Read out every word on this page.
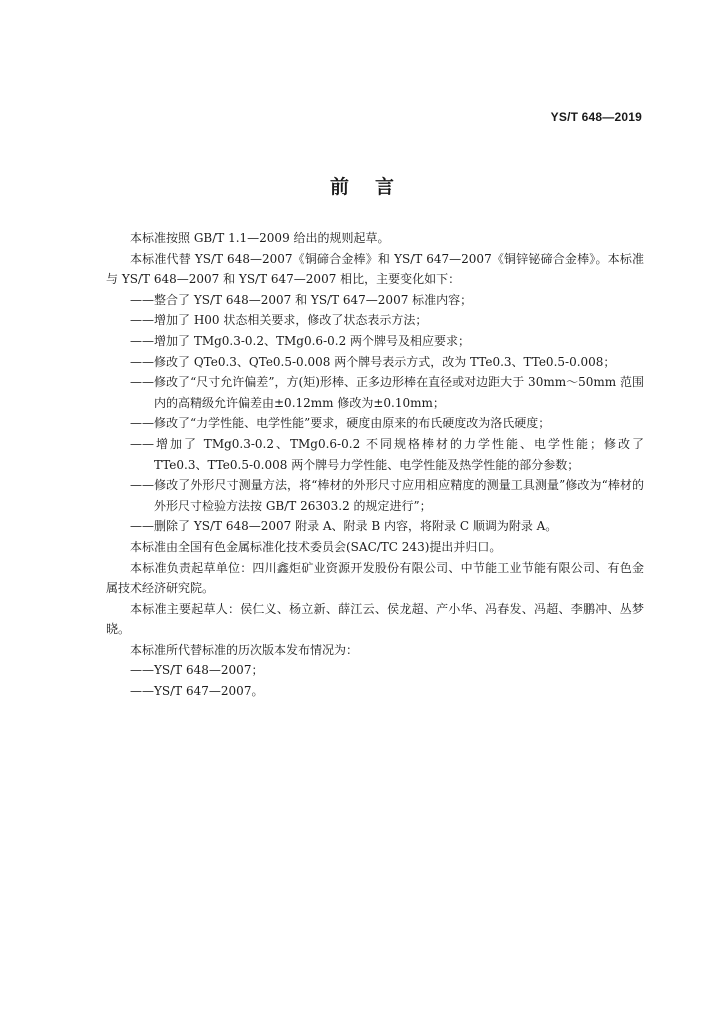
YS/T 648—2019
前言

本标准按照 GB/T 1.1—2009 给出的规则起草。

本标准代替 YS/T 648—2007《铜碲合金棒》和 YS/T 647—2007《铜锌铋碲合金棒》。本标准与 YS/T 648—2007 和 YS/T 647—2007 相比，主要变化如下：

——整合了 YS/T 648—2007 和 YS/T 647—2007 标准内容；

——增加了 H00 状态相关要求，修改了状态表示方法；

——增加了 TMg0.3-0.2、TMg0.6-0.2 两个牌号及相应要求；

——修改了 QTe0.3、QTe0.5-0.008 两个牌号表示方式，改为 TTe0.3、TTe0.5-0.008；

——修改了“尺寸允许偏差”，方(矩)形棒、正多边形棒在直径或对边距大于 30mm～50mm 范围内的高精级允许偏差由±0.12mm 修改为±0.10mm；

——修改了“力学性能、电学性能”要求，硬度由原来的布氏硬度改为洛氏硬度；

——增加了 TMg0.3-0.2、TMg0.6-0.2 不同规格棒材的力学性能、电学性能；修改了 TTe0.3、TTe0.5-0.008 两个牌号力学性能、电学性能及热学性能的部分参数；

——修改了外形尺寸测量方法，将“棒材的外形尺寸应用相应精度的测量工具测量”修改为“棒材的外形尺寸检验方法按 GB/T 26303.2 的规定进行”；

——删除了 YS/T 648—2007 附录 A、附录 B 内容，将附录 C 顺调为附录 A。

本标准由全国有色金属标准化技术委员会(SAC/TC 243)提出并归口。

本标准负责起草单位：四川鑫炬矿业资源开发股份有限公司、中节能工业节能有限公司、有色金属技术经济研究院。

本标准主要起草人：侯仁义、杨立新、薛江云、侯龙超、产小华、冯春发、冯超、李鹏冲、丛梦晓。

本标准所代替标准的历次版本发布情况为：

——YS/T 648—2007；

——YS/T 647—2007。
